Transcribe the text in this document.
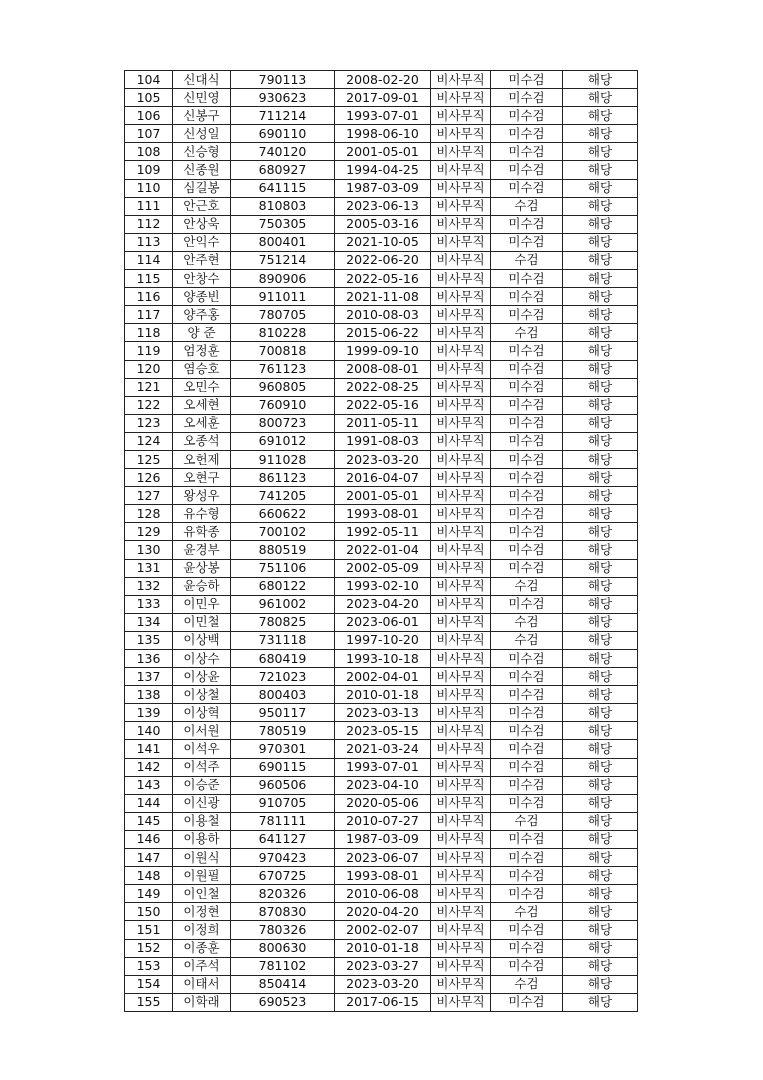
104	신대식	790113	2008-02-20	비사무직	미수검	해당
105	신민영	930623	2017-09-01	비사무직	미수검	해당
106	신봉구	711214	1993-07-01	비사무직	미수검	해당
107	신성일	690110	1998-06-10	비사무직	미수검	해당
108	신승형	740120	2001-05-01	비사무직	미수검	해당
109	신종원	680927	1994-04-25	비사무직	미수검	해당
110	심길봉	641115	1987-03-09	비사무직	미수검	해당
111	안근호	810803	2023-06-13	비사무직	수검	해당
112	안상욱	750305	2005-03-16	비사무직	미수검	해당
113	안익수	800401	2021-10-05	비사무직	미수검	해당
114	안주현	751214	2022-06-20	비사무직	수검	해당
115	안창수	890906	2022-05-16	비사무직	미수검	해당
116	양종빈	911011	2021-11-08	비사무직	미수검	해당
117	양주홍	780705	2010-08-03	비사무직	미수검	해당
118	양 준	810228	2015-06-22	비사무직	수검	해당
119	엄정훈	700818	1999-09-10	비사무직	미수검	해당
120	염승호	761123	2008-08-01	비사무직	미수검	해당
121	오민수	960805	2022-08-25	비사무직	미수검	해당
122	오세현	760910	2022-05-16	비사무직	미수검	해당
123	오세훈	800723	2011-05-11	비사무직	미수검	해당
124	오종석	691012	1991-08-03	비사무직	미수검	해당
125	오헌제	911028	2023-03-20	비사무직	미수검	해당
126	오현구	861123	2016-04-07	비사무직	미수검	해당
127	왕성우	741205	2001-05-01	비사무직	미수검	해당
128	유수형	660622	1993-08-01	비사무직	미수검	해당
129	유학종	700102	1992-05-11	비사무직	미수검	해당
130	윤경부	880519	2022-01-04	비사무직	미수검	해당
131	윤상봉	751106	2002-05-09	비사무직	미수검	해당
132	윤승하	680122	1993-02-10	비사무직	수검	해당
133	이민우	961002	2023-04-20	비사무직	미수검	해당
134	이민철	780825	2023-06-01	비사무직	수검	해당
135	이상백	731118	1997-10-20	비사무직	수검	해당
136	이상수	680419	1993-10-18	비사무직	미수검	해당
137	이상윤	721023	2002-04-01	비사무직	미수검	해당
138	이상철	800403	2010-01-18	비사무직	미수검	해당
139	이상혁	950117	2023-03-13	비사무직	미수검	해당
140	이서원	780519	2023-05-15	비사무직	미수검	해당
141	이석우	970301	2021-03-24	비사무직	미수검	해당
142	이석주	690115	1993-07-01	비사무직	미수검	해당
143	이승준	960506	2023-04-10	비사무직	미수검	해당
144	이신광	910705	2020-05-06	비사무직	미수검	해당
145	이용철	781111	2010-07-27	비사무직	수검	해당
146	이용하	641127	1987-03-09	비사무직	미수검	해당
147	이원식	970423	2023-06-07	비사무직	미수검	해당
148	이원필	670725	1993-08-01	비사무직	미수검	해당
149	이인철	820326	2010-06-08	비사무직	미수검	해당
150	이정현	870830	2020-04-20	비사무직	수검	해당
151	이정희	780326	2002-02-07	비사무직	미수검	해당
152	이종훈	800630	2010-01-18	비사무직	미수검	해당
153	이주석	781102	2023-03-27	비사무직	미수검	해당
154	이태서	850414	2023-03-20	비사무직	수검	해당
155	이학래	690523	2017-06-15	비사무직	미수검	해당
